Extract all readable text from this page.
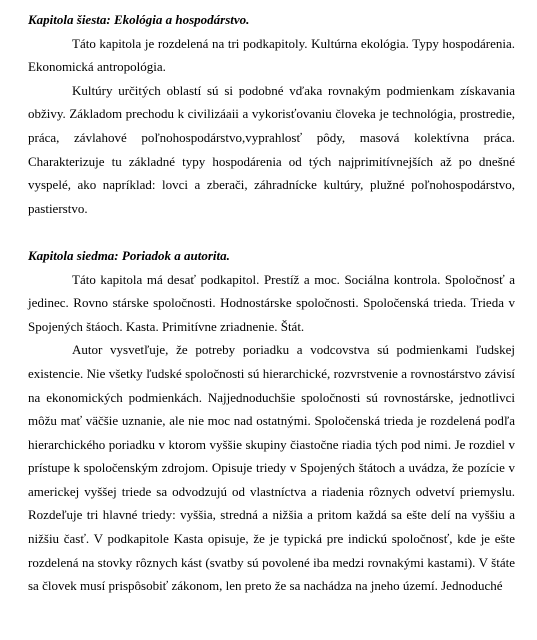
Kapitola šiesta: Ekológia a hospodárstvo.

Táto kapitola je rozdelená na tri podkapitoly. Kultúrna ekológia. Typy hospodárenia. Ekonomická antropológia.

Kultúry určitých oblastí sú si podobné vďaka rovnakým podmienkam získavania obživy. Základom prechodu k civilizáaii a vykorisťovaniu človeka je technológia, prostredie, práca, závlahové poľnohospodárstvo,vyprahlosť pôdy, masová kolektívna práca. Charakterizuje tu základné typy hospodárenia od tých najprimitívnejších až po dnešné vyspelé, ako napríklad: lovci a zberači, záhradnícke kultúry, plužné poľnohospodárstvo, pastierstvo.

Kapitola siedma: Poriadok a autorita.

Táto kapitola má desať podkapitol. Prestíž a moc. Sociálna kontrola. Spoločnosť a jedinec. Rovno stárske spoločnosti. Hodnostárske spoločnosti. Spoločenská trieda. Trieda v Spojených štáoch. Kasta. Primitívne zriadnenie. Štát.

Autor vysvetľuje, že potreby poriadku a vodcovstva sú podmienkami ľudskej existencie. Nie všetky ľudské spoločnosti sú hierarchické, rozvrstvenie a rovnostárstvo závisí na ekonomických podmienkách. Najjednoduchšie spoločnosti sú rovnostárske, jednotlivci môžu mať väčšie uznanie, ale nie moc nad ostatnými. Spoločenská trieda je rozdelená podľa hierarchického poriadku v ktorom vyššie skupiny čiastočne riadia tých pod nimi. Je rozdiel v prístupe k spoločenským zdrojom. Opisuje triedy v Spojených štátoch a uvádza, že pozície v americkej vyššej triede sa odvodzujú od vlastníctva a riadenia rôznych odvetví priemyslu. Rozdeľuje tri hlavné triedy: vyššia, stredná a nižšia a pritom každá sa ešte delí na vyššiu a nižšiu časť. V podkapitole Kasta opisuje, že je typická pre indickú spoločnosť, kde je ešte rozdelená na stovky rôznych kást (svatby sú povolené iba medzi rovnakými kastami). V štáte sa človek musí prispôsobiť zákonom, len preto že sa nachádza na jneho území. Jednoduché
